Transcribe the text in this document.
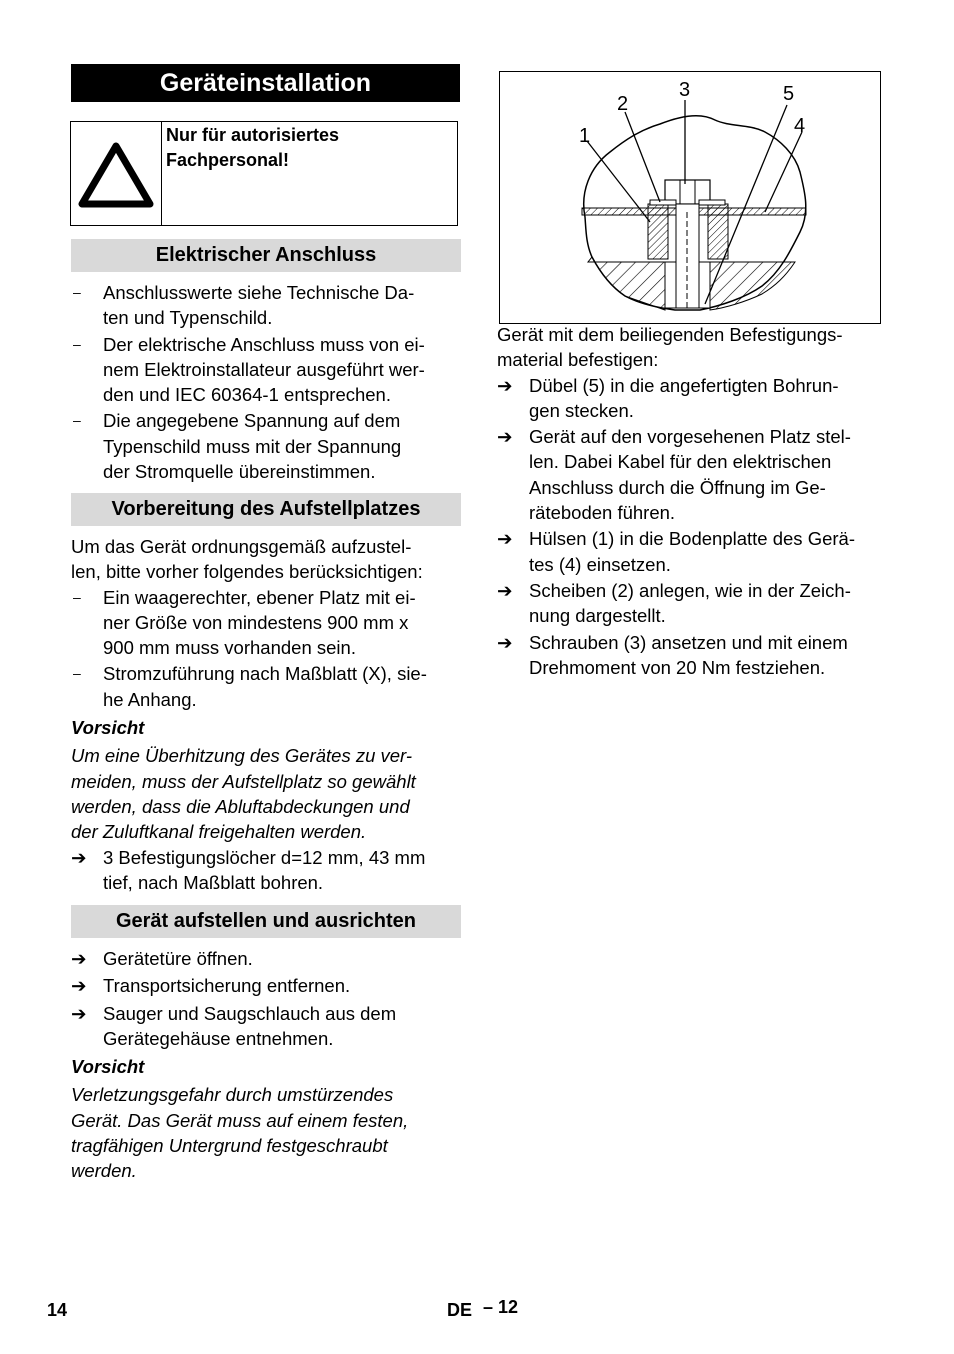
Geräteinstallation
Nur für autorisiertes
Fachpersonal!
Elektrischer Anschluss
– Anschlusswerte siehe Technische Da-
ten und Typenschild.
– Der elektrische Anschluss muss von ei-
nem Elektroinstallateur ausgeführt wer-
den und IEC 60364-1 entsprechen.
– Die angegebene Spannung auf dem
Typenschild muss mit der Spannung
der Stromquelle übereinstimmen.
Vorbereitung des Aufstellplatzes
Um das Gerät ordnungsgemäß aufzustel-
len, bitte vorher folgendes berücksichtigen:
– Ein waagerechter, ebener Platz mit ei-
ner Größe von mindestens 900 mm x
900 mm muss vorhanden sein.
– Stromzuführung nach Maßblatt (X), sie-
he Anhang.
Vorsicht
Um eine Überhitzung des Gerätes zu ver-
meiden, muss der Aufstellplatz so gewählt
werden, dass die Abluftabdeckungen und
der Zuluftkanal freigehalten werden.
➔ 3 Befestigungslöcher d=12 mm, 43 mm
tief, nach Maßblatt bohren.
Gerät aufstellen und ausrichten
➔ Gerätetüre öffnen.
➔ Transportsicherung entfernen.
➔ Sauger und Saugschlauch aus dem
Gerätegehäuse entnehmen.
Vorsicht
Verletzungsgefahr durch umstürzendes
Gerät. Das Gerät muss auf einem festen,
tragfähigen Untergrund festgeschraubt
werden.
1
2
3	5
4
Gerät mit dem beiliegenden Befestigungs-
material befestigen:
➔ Dübel (5) in die angefertigten Bohrun-
gen stecken.
➔ Gerät auf den vorgesehenen Platz stel-
len. Dabei Kabel für den elektrischen
Anschluss durch die Öffnung im Ge-
räteboden führen.
➔ Hülsen (1) in die Bodenplatte des Gerä-
tes (4) einsetzen.
➔ Scheiben (2) anlegen, wie in der Zeich-
nung dargestellt.
➔ Schrauben (3) ansetzen und mit einem
Drehmoment von 20 Nm festziehen.
14	DE – 12
